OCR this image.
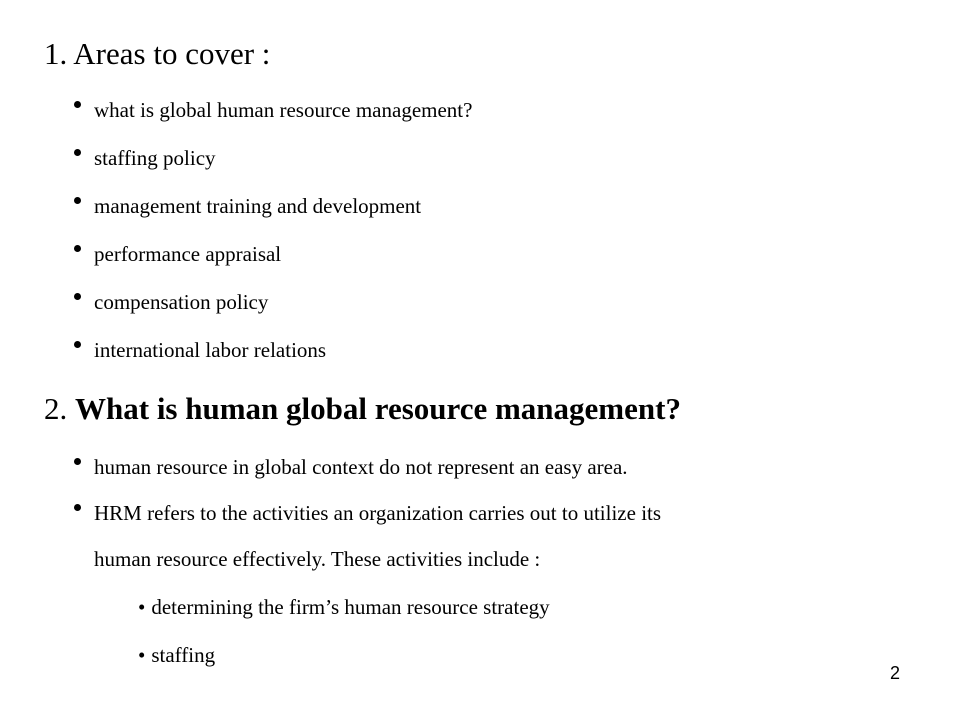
1. Areas to cover :
what is global human resource management?
staffing policy
management training and development
performance appraisal
compensation policy
international labor relations
2. What is human global resource management?
human resource in global context do not represent an easy area.
HRM refers to the activities an organization carries out to utilize its
human resource effectively. These activities include :
• determining the firm’s human resource strategy
• staffing
2
